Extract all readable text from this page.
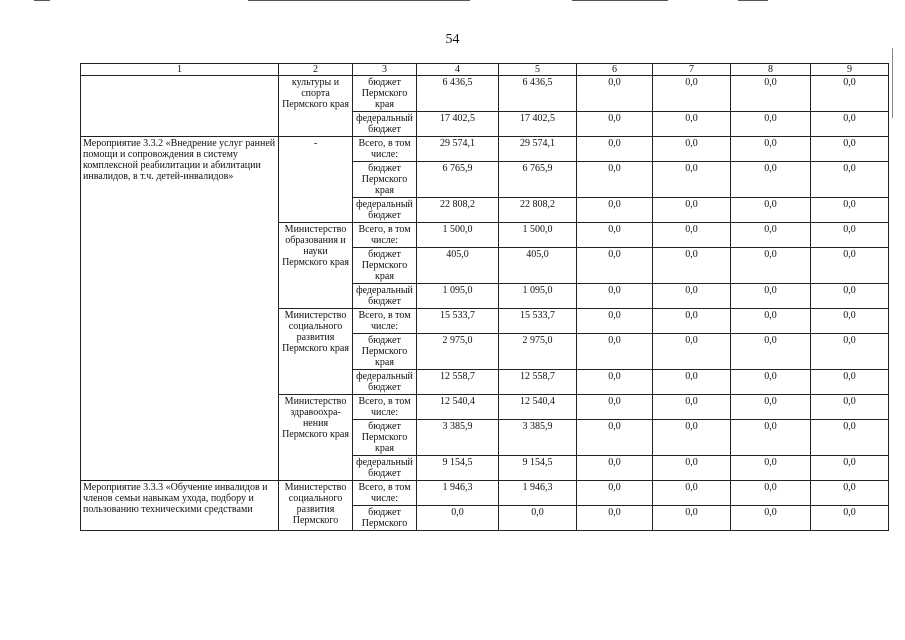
54
1	2	3	4	5	6	7	8	9
	культуры и спорта Пермского края	бюджет Пермского края	6 436,5	6 436,5	0,0	0,0	0,0	0,0
		федеральный бюджет	17 402,5	17 402,5	0,0	0,0	0,0	0,0
Мероприятие 3.3.2 «Внедрение услуг ранней помощи и сопровождения в систему комплексной реабилитации и абилитации инвалидов, в т.ч. детей-инвалидов»	-	Всего, в том числе:	29 574,1	29 574,1	0,0	0,0	0,0	0,0
		бюджет Пермского края	6 765,9	6 765,9	0,0	0,0	0,0	0,0
		федеральный бюджет	22 808,2	22 808,2	0,0	0,0	0,0	0,0
	Министерство образования и науки Пермского края	Всего, в том числе:	1 500,0	1 500,0	0,0	0,0	0,0	0,0
		бюджет Пермского края	405,0	405,0	0,0	0,0	0,0	0,0
		федеральный бюджет	1 095,0	1 095,0	0,0	0,0	0,0	0,0
	Министерство социального развития Пермского края	Всего, в том числе:	15 533,7	15 533,7	0,0	0,0	0,0	0,0
		бюджет Пермского края	2 975,0	2 975,0	0,0	0,0	0,0	0,0
		федеральный бюджет	12 558,7	12 558,7	0,0	0,0	0,0	0,0
	Министерство здравоохра-нения Пермского края	Всего, в том числе:	12 540,4	12 540,4	0,0	0,0	0,0	0,0
		бюджет Пермского края	3 385,9	3 385,9	0,0	0,0	0,0	0,0
		федеральный бюджет	9 154,5	9 154,5	0,0	0,0	0,0	0,0
Мероприятие 3.3.3 «Обучение инвалидов и членов семьи навыкам ухода, подбору и пользованию техническими средствами	Министерство социального развития Пермского	Всего, в том числе:	1 946,3	1 946,3	0,0	0,0	0,0	0,0
		бюджет Пермского	0,0	0,0	0,0	0,0	0,0	0,0
